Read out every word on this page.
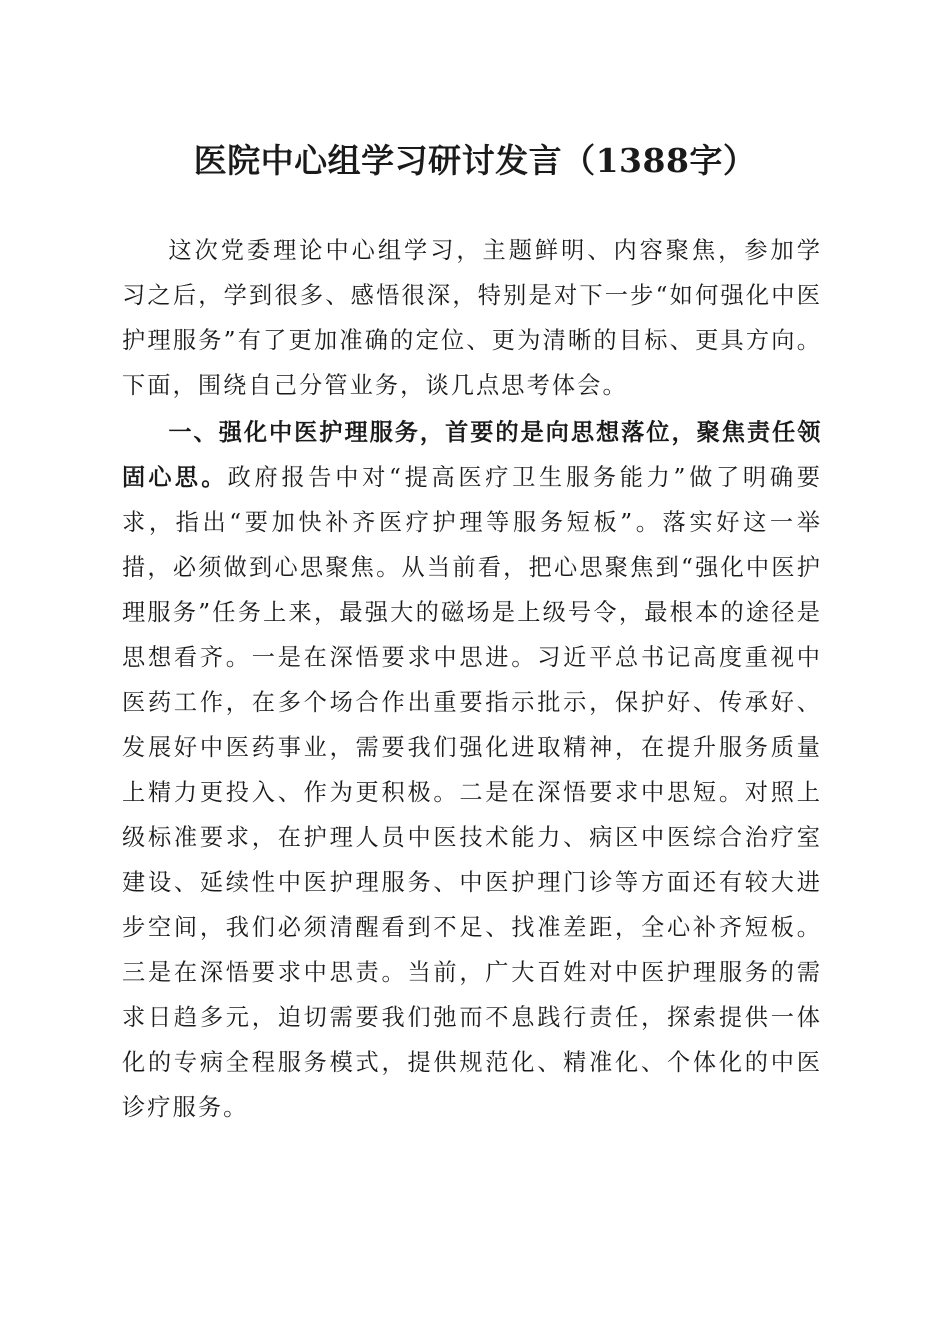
医院中心组学习研讨发言（1388字）

这次党委理论中心组学习，主题鲜明、内容聚焦，参加学习之后，学到很多、感悟很深，特别是对下一步“如何强化中医护理服务”有了更加准确的定位、更为清晰的目标、更具方向。下面，围绕自己分管业务，谈几点思考体会。

一、强化中医护理服务，首要的是向思想落位，聚焦责任领固心思。政府报告中对“提高医疗卫生服务能力”做了明确要求，指出“要加快补齐医疗护理等服务短板”。落实好这一举措，必须做到心思聚焦。从当前看，把心思聚焦到“强化中医护理服务”任务上来，最强大的磁场是上级号令，最根本的途径是思想看齐。一是在深悟要求中思进。习近平总书记高度重视中医药工作，在多个场合作出重要指示批示，保护好、传承好、发展好中医药事业，需要我们强化进取精神，在提升服务质量上精力更投入、作为更积极。二是在深悟要求中思短。对照上级标准要求，在护理人员中医技术能力、病区中医综合治疗室建设、延续性中医护理服务、中医护理门诊等方面还有较大进步空间，我们必须清醒看到不足、找准差距，全心补齐短板。三是在深悟要求中思责。当前，广大百姓对中医护理服务的需求日趋多元，迫切需要我们弛而不息践行责任，探索提供一体化的专病全程服务模式，提供规范化、精准化、个体化的中医诊疗服务。
